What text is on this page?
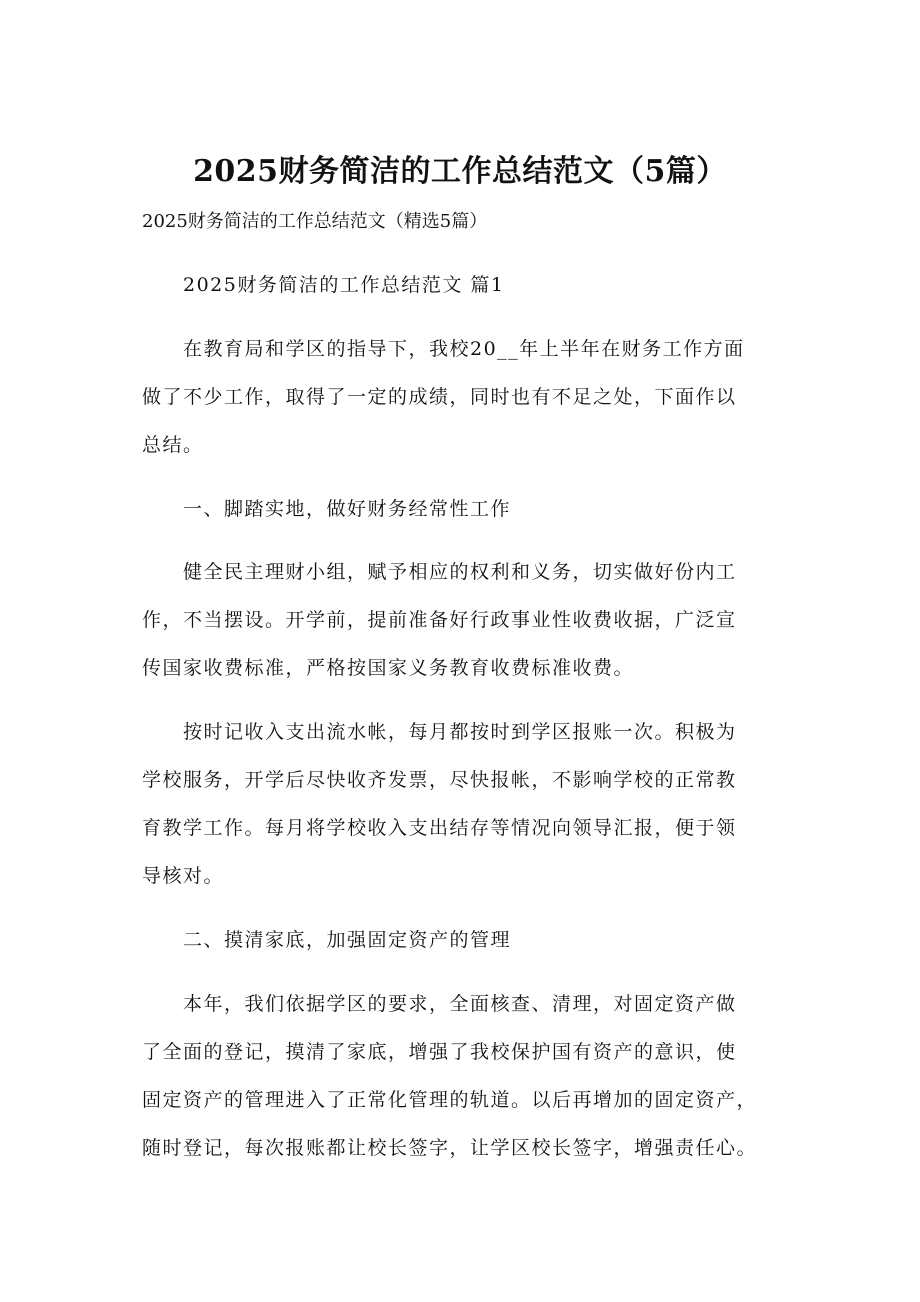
2025财务简洁的工作总结范文（5篇）
2025财务简洁的工作总结范文（精选5篇）
2025财务简洁的工作总结范文 篇1
在教育局和学区的指导下，我校20__年上半年在财务工作方面
做了不少工作，取得了一定的成绩，同时也有不足之处，下面作以
总结。
一、脚踏实地，做好财务经常性工作
健全民主理财小组，赋予相应的权利和义务，切实做好份内工
作，不当摆设。开学前，提前准备好行政事业性收费收据，广泛宣
传国家收费标准，严格按国家义务教育收费标准收费。
按时记收入支出流水帐，每月都按时到学区报账一次。积极为
学校服务，开学后尽快收齐发票，尽快报帐，不影响学校的正常教
育教学工作。每月将学校收入支出结存等情况向领导汇报，便于领
导核对。
二、摸清家底，加强固定资产的管理
本年，我们依据学区的要求，全面核查、清理，对固定资产做
了全面的登记，摸清了家底，增强了我校保护国有资产的意识，使
固定资产的管理进入了正常化管理的轨道。以后再增加的固定资产，
随时登记，每次报账都让校长签字，让学区校长签字，增强责任心。
